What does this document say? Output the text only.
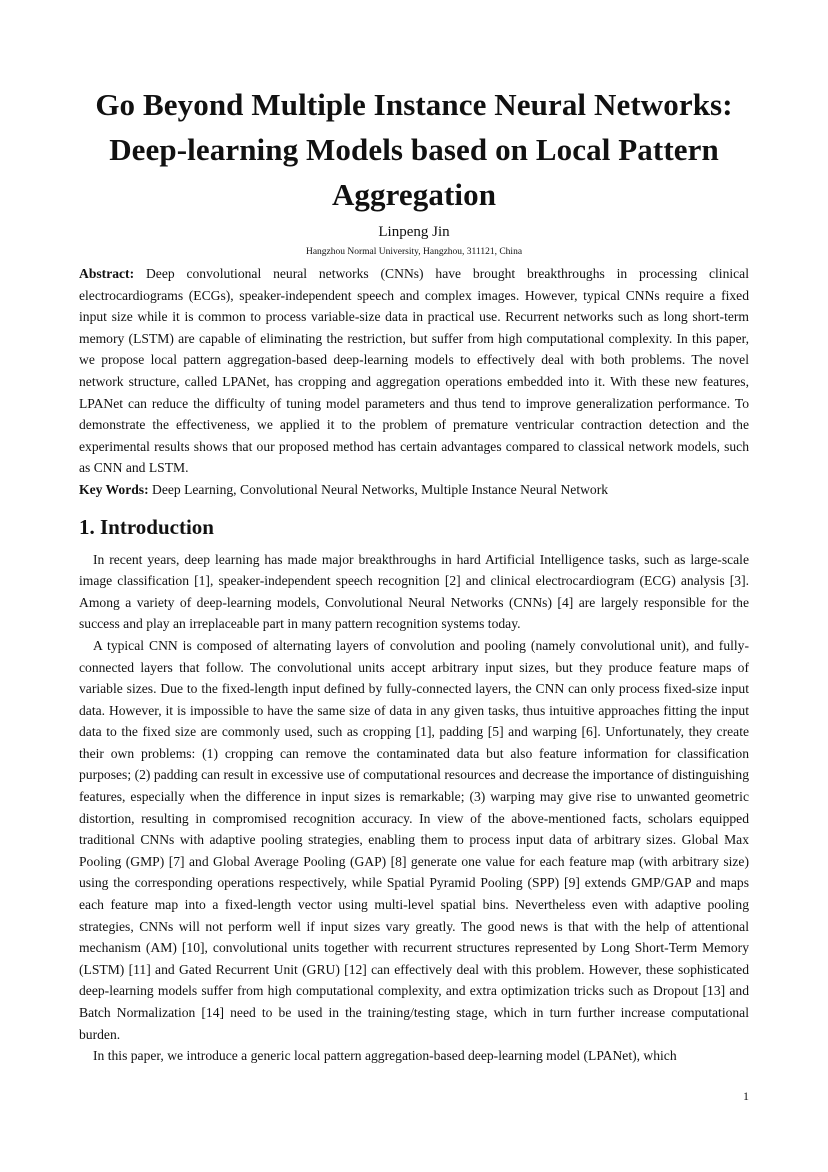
Go Beyond Multiple Instance Neural Networks: Deep-learning Models based on Local Pattern Aggregation
Linpeng Jin
Hangzhou Normal University, Hangzhou, 311121, China
Abstract: Deep convolutional neural networks (CNNs) have brought breakthroughs in processing clinical electrocardiograms (ECGs), speaker-independent speech and complex images. However, typical CNNs require a fixed input size while it is common to process variable-size data in practical use. Recurrent networks such as long short-term memory (LSTM) are capable of eliminating the restriction, but suffer from high computational complexity. In this paper, we propose local pattern aggregation-based deep-learning models to effectively deal with both problems. The novel network structure, called LPANet, has cropping and aggregation operations embedded into it. With these new features, LPANet can reduce the difficulty of tuning model parameters and thus tend to improve generalization performance. To demonstrate the effectiveness, we applied it to the problem of premature ventricular contraction detection and the experimental results shows that our proposed method has certain advantages compared to classical network models, such as CNN and LSTM.
Key Words: Deep Learning, Convolutional Neural Networks, Multiple Instance Neural Network
1. Introduction

In recent years, deep learning has made major breakthroughs in hard Artificial Intelligence tasks, such as large-scale image classification [1], speaker-independent speech recognition [2] and clinical electrocardiogram (ECG) analysis [3]. Among a variety of deep-learning models, Convolutional Neural Networks (CNNs) [4] are largely responsible for the success and play an irreplaceable part in many pattern recognition systems today.

A typical CNN is composed of alternating layers of convolution and pooling (namely convolutional unit), and fully-connected layers that follow. The convolutional units accept arbitrary input sizes, but they produce feature maps of variable sizes. Due to the fixed-length input defined by fully-connected layers, the CNN can only process fixed-size input data. However, it is impossible to have the same size of data in any given tasks, thus intuitive approaches fitting the input data to the fixed size are commonly used, such as cropping [1], padding [5] and warping [6]. Unfortunately, they create their own problems: (1) cropping can remove the contaminated data but also feature information for classification purposes; (2) padding can result in excessive use of computational resources and decrease the importance of distinguishing features, especially when the difference in input sizes is remarkable; (3) warping may give rise to unwanted geometric distortion, resulting in compromised recognition accuracy. In view of the above-mentioned facts, scholars equipped traditional CNNs with adaptive pooling strategies, enabling them to process input data of arbitrary sizes. Global Max Pooling (GMP) [7] and Global Average Pooling (GAP) [8] generate one value for each feature map (with arbitrary size) using the corresponding operations respectively, while Spatial Pyramid Pooling (SPP) [9] extends GMP/GAP and maps each feature map into a fixed-length vector using multi-level spatial bins. Nevertheless even with adaptive pooling strategies, CNNs will not perform well if input sizes vary greatly. The good news is that with the help of attentional mechanism (AM) [10], convolutional units together with recurrent structures represented by Long Short-Term Memory (LSTM) [11] and Gated Recurrent Unit (GRU) [12] can effectively deal with this problem. However, these sophisticated deep-learning models suffer from high computational complexity, and extra optimization tricks such as Dropout [13] and Batch Normalization [14] need to be used in the training/testing stage, which in turn further increase computational burden.

In this paper, we introduce a generic local pattern aggregation-based deep-learning model (LPANet), which

1
